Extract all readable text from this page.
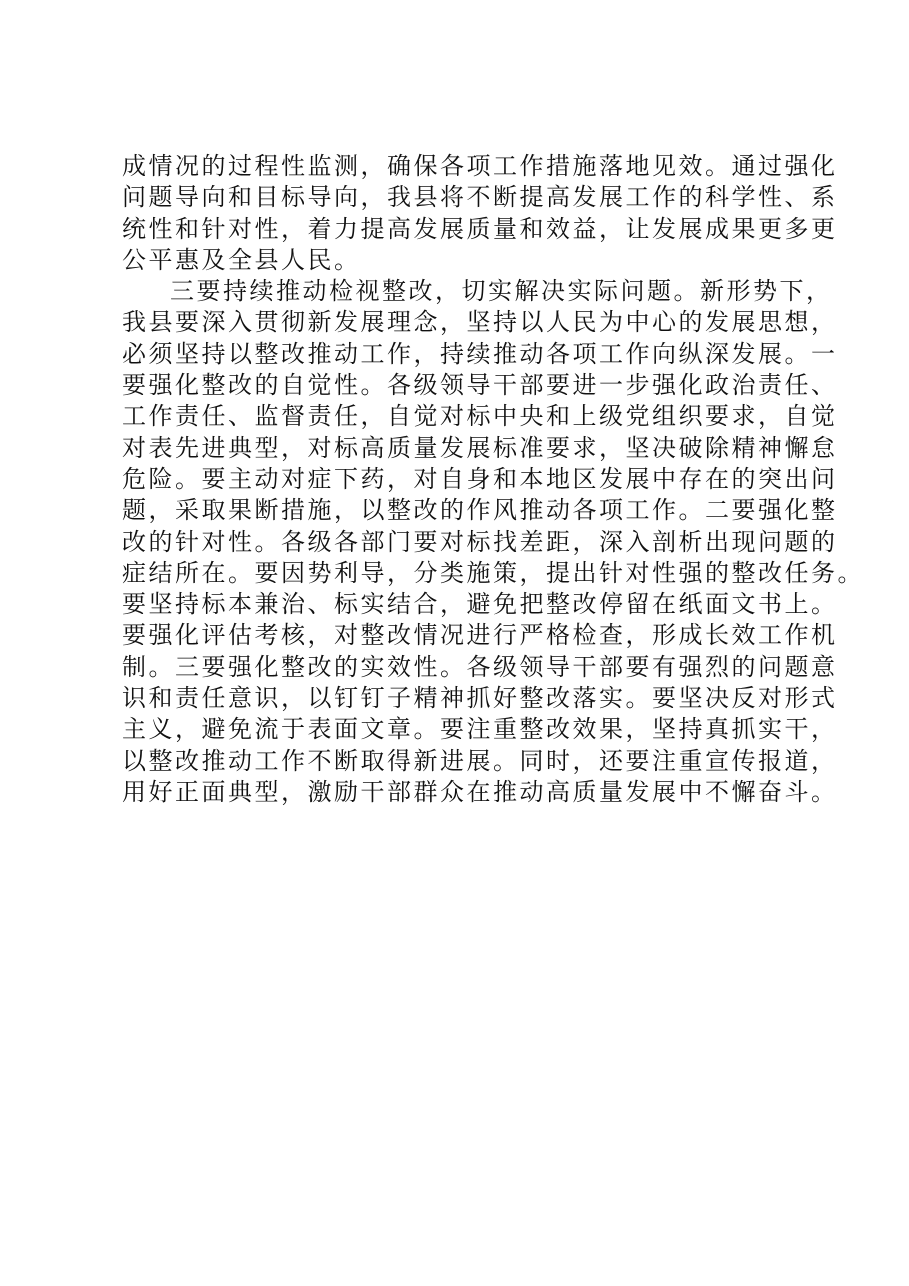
成情况的过程性监测，确保各项工作措施落地见效。通过强化
问题导向和目标导向，我县将不断提高发展工作的科学性、系
统性和针对性，着力提高发展质量和效益，让发展成果更多更
公平惠及全县人民。
三要持续推动检视整改，切实解决实际问题。新形势下，
我县要深入贯彻新发展理念，坚持以人民为中心的发展思想，
必须坚持以整改推动工作，持续推动各项工作向纵深发展。一
要强化整改的自觉性。各级领导干部要进一步强化政治责任、
工作责任、监督责任，自觉对标中央和上级党组织要求，自觉
对表先进典型，对标高质量发展标准要求，坚决破除精神懈怠
危险。要主动对症下药，对自身和本地区发展中存在的突出问
题，采取果断措施，以整改的作风推动各项工作。二要强化整
改的针对性。各级各部门要对标找差距，深入剖析出现问题的
症结所在。要因势利导，分类施策，提出针对性强的整改任务。
要坚持标本兼治、标实结合，避免把整改停留在纸面文书上。
要强化评估考核，对整改情况进行严格检查，形成长效工作机
制。三要强化整改的实效性。各级领导干部要有强烈的问题意
识和责任意识，以钉钉子精神抓好整改落实。要坚决反对形式
主义，避免流于表面文章。要注重整改效果，坚持真抓实干，
以整改推动工作不断取得新进展。同时，还要注重宣传报道，
用好正面典型，激励干部群众在推动高质量发展中不懈奋斗。
